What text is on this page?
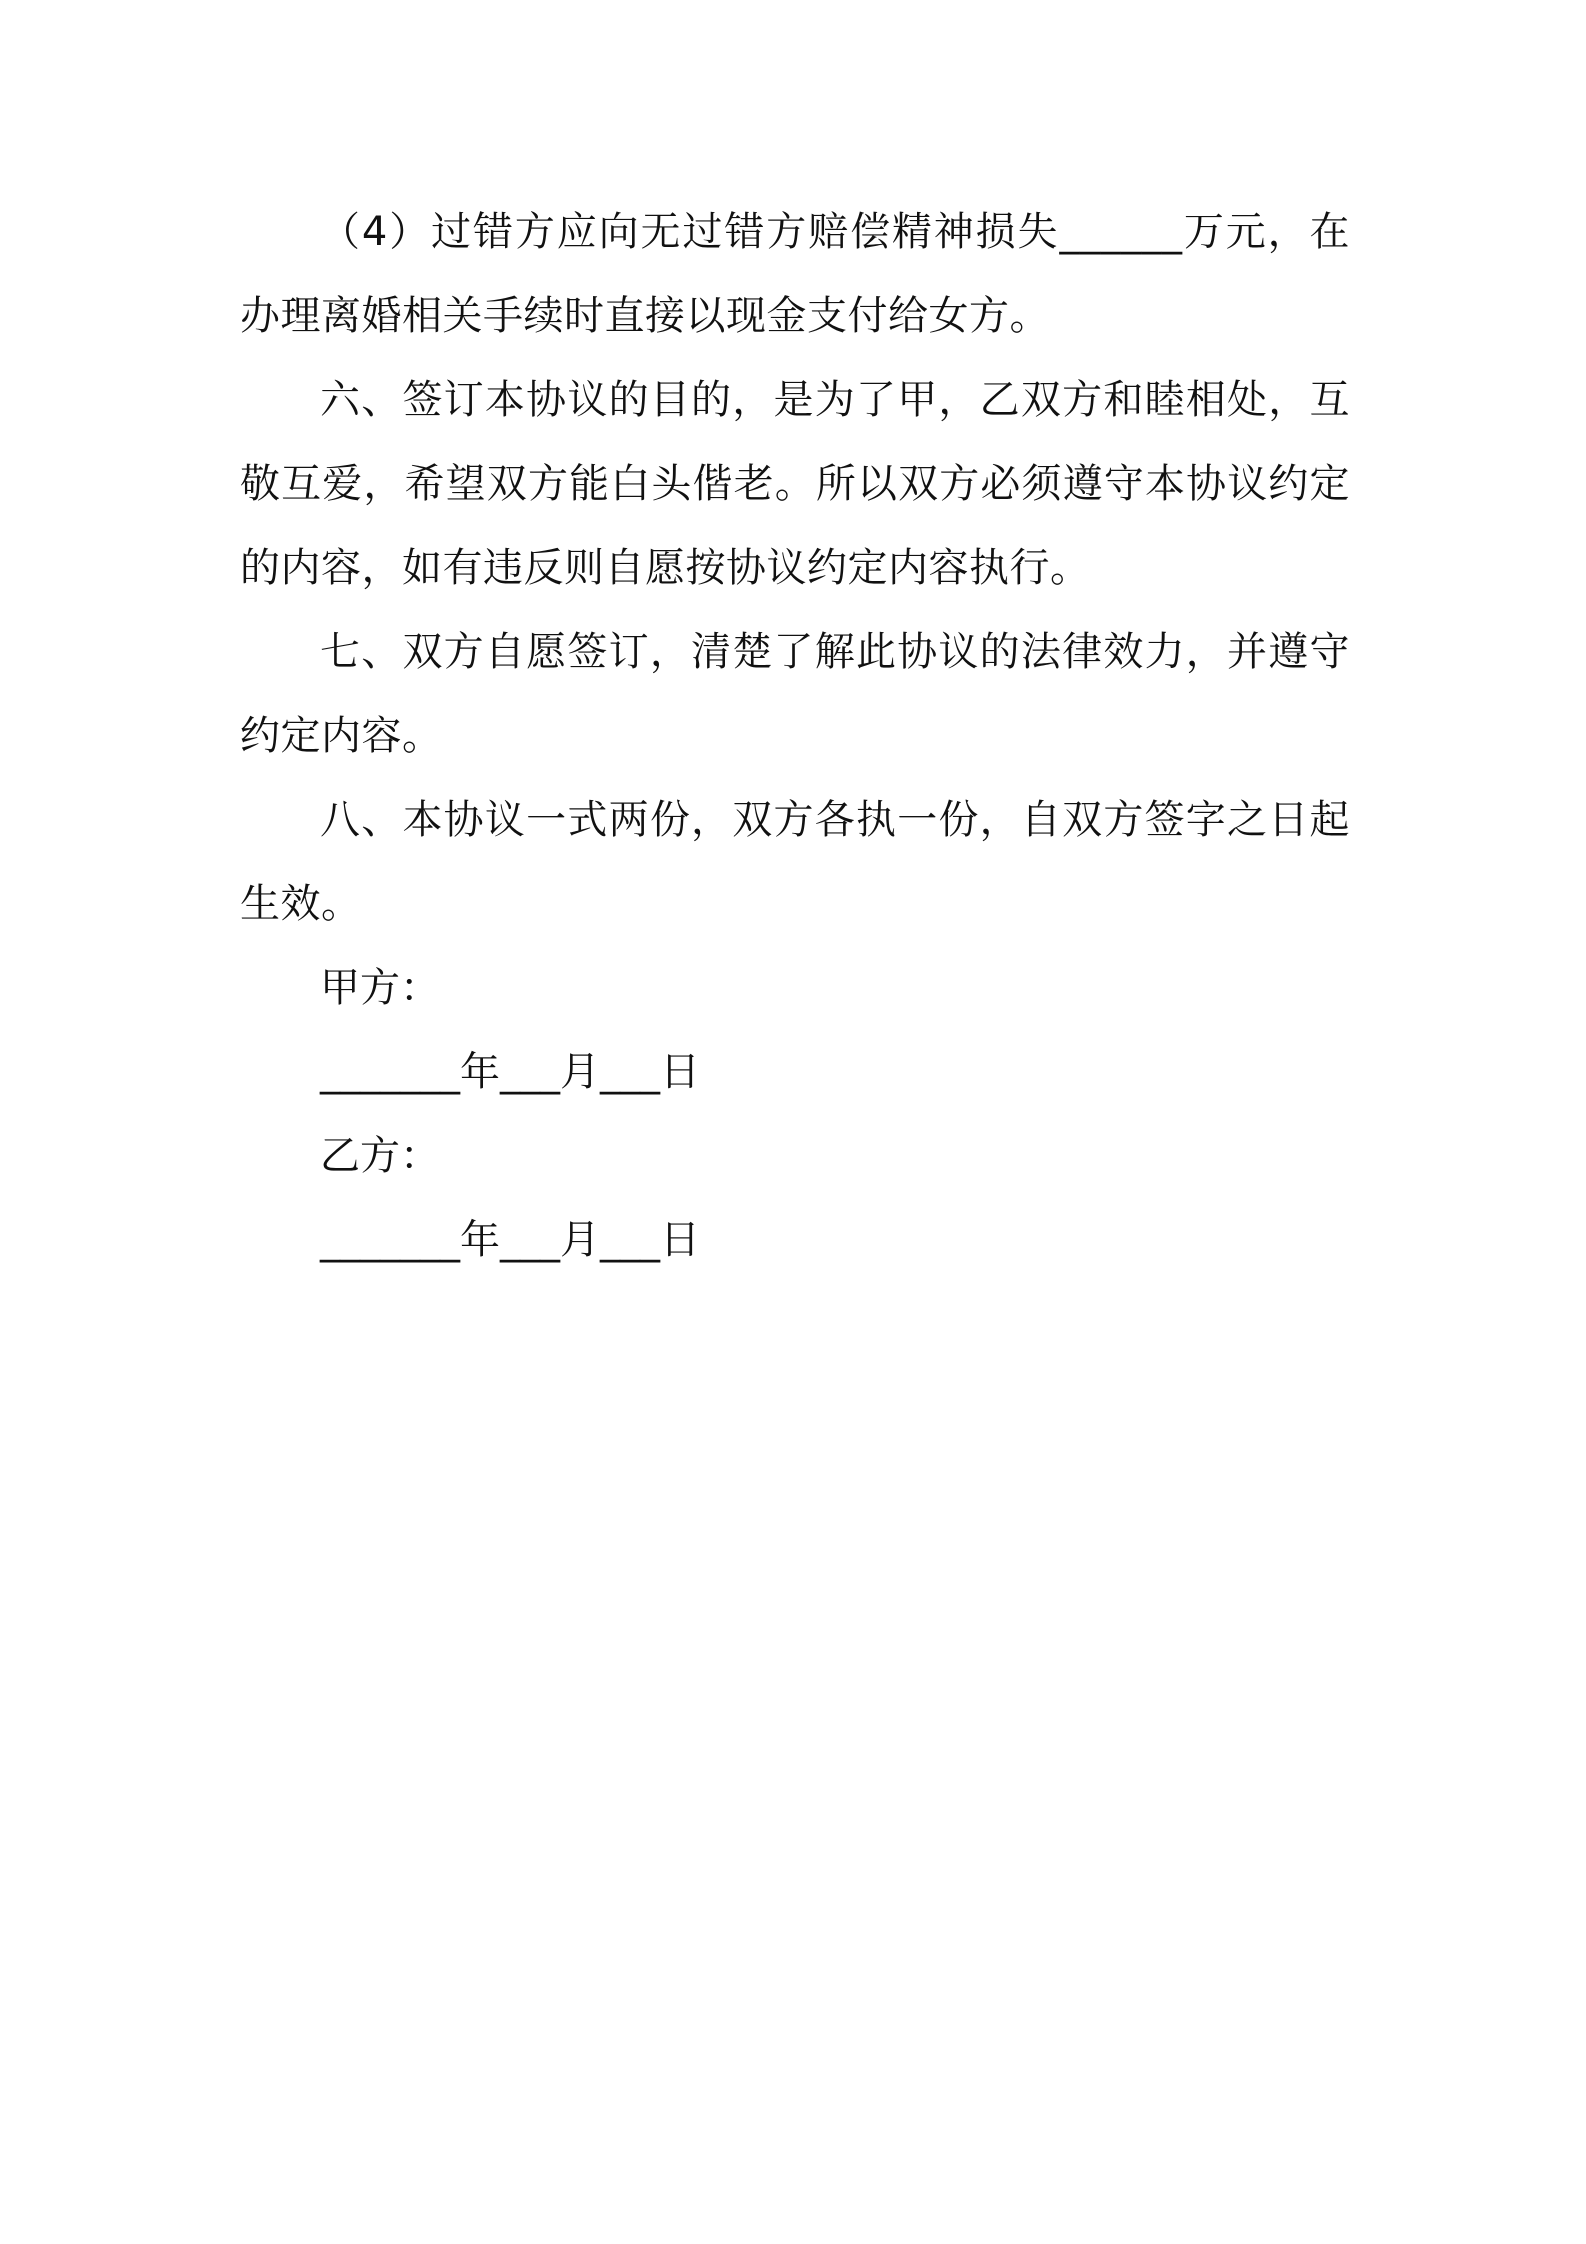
（4）过错方应向无过错方赔偿精神损失______万元，在办理离婚相关手续时直接以现金支付给女方。

六、签订本协议的目的，是为了甲，乙双方和睦相处，互敬互爱，希望双方能白头偕老。所以双方必须遵守本协议约定的内容，如有违反则自愿按协议约定内容执行。

七、双方自愿签订，清楚了解此协议的法律效力，并遵守约定内容。

八、本协议一式两份，双方各执一份，自双方签字之日起生效。

甲方：

_______年___月___日

乙方：

_______年___月___日
